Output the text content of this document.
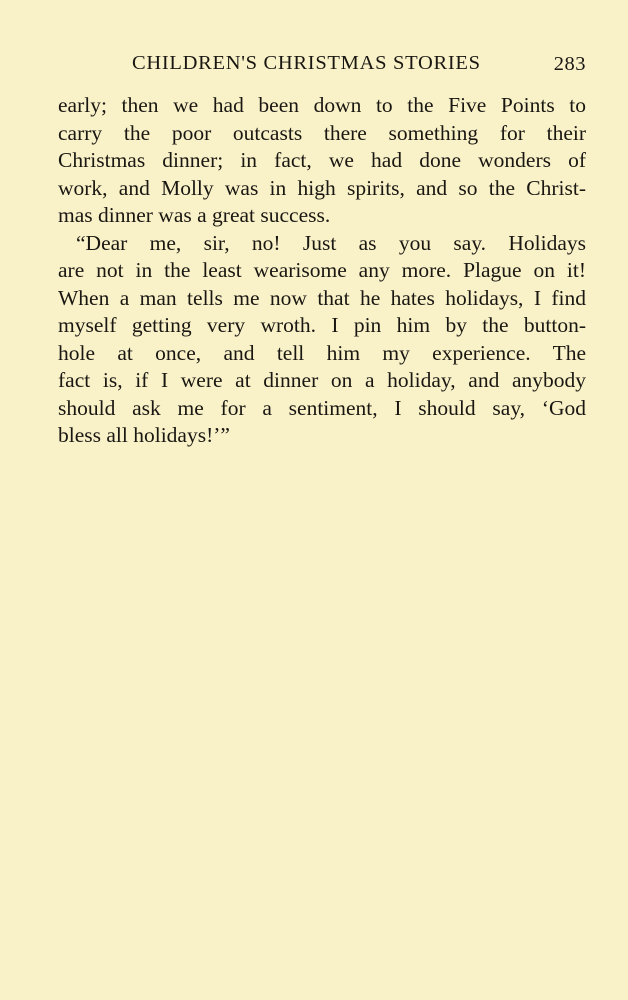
CHILDREN'S CHRISTMAS STORIES	283
early; then we had been down to the Five Points to
carry the poor outcasts there something for their
Christmas dinner; in fact, we had done wonders of
work, and Molly was in high spirits, and so the Christ-
mas dinner was a great success.
“Dear me, sir, no! Just as you say. Holidays
are not in the least wearisome any more. Plague on it!
When a man tells me now that he hates holidays, I find
myself getting very wroth. I pin him by the button-
hole at once, and tell him my experience. The
fact is, if I were at dinner on a holiday, and anybody
should ask me for a sentiment, I should say, ‘God
bless all holidays!’”
